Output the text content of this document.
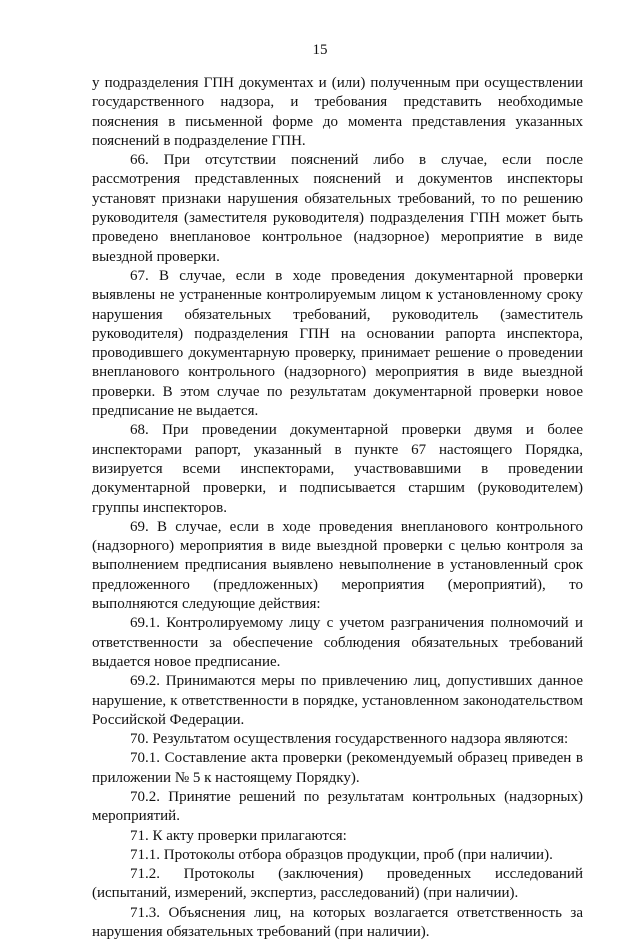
15

у подразделения ГПН документах и (или) полученным при осуществлении государственного надзора, и требования представить необходимые пояснения в письменной форме до момента представления указанных пояснений в подразделение ГПН.

66. При отсутствии пояснений либо в случае, если после рассмотрения представленных пояснений и документов инспекторы установят признаки нарушения обязательных требований, то по решению руководителя (заместителя руководителя) подразделения ГПН может быть проведено внеплановое контрольное (надзорное) мероприятие в виде выездной проверки.

67. В случае, если в ходе проведения документарной проверки выявлены не устраненные контролируемым лицом к установленному сроку нарушения обязательных требований, руководитель (заместитель руководителя) подразделения ГПН на основании рапорта инспектора, проводившего документарную проверку, принимает решение о проведении внепланового контрольного (надзорного) мероприятия в виде выездной проверки. В этом случае по результатам документарной проверки новое предписание не выдается.

68. При проведении документарной проверки двумя и более инспекторами рапорт, указанный в пункте 67 настоящего Порядка, визируется всеми инспекторами, участвовавшими в проведении документарной проверки, и подписывается старшим (руководителем) группы инспекторов.

69. В случае, если в ходе проведения внепланового контрольного (надзорного) мероприятия в виде выездной проверки с целью контроля за выполнением предписания выявлено невыполнение в установленный срок предложенного (предложенных) мероприятия (мероприятий), то выполняются следующие действия:

69.1. Контролируемому лицу с учетом разграничения полномочий и ответственности за обеспечение соблюдения обязательных требований выдается новое предписание.

69.2. Принимаются меры по привлечению лиц, допустивших данное нарушение, к ответственности в порядке, установленном законодательством Российской Федерации.

70. Результатом осуществления государственного надзора являются:

70.1. Составление акта проверки (рекомендуемый образец приведен в приложении № 5 к настоящему Порядку).

70.2. Принятие решений по результатам контрольных (надзорных) мероприятий.

71. К акту проверки прилагаются:

71.1. Протоколы отбора образцов продукции, проб (при наличии).

71.2. Протоколы (заключения) проведенных исследований (испытаний, измерений, экспертиз, расследований) (при наличии).

71.3. Объяснения лиц, на которых возлагается ответственность за нарушения обязательных требований (при наличии).
